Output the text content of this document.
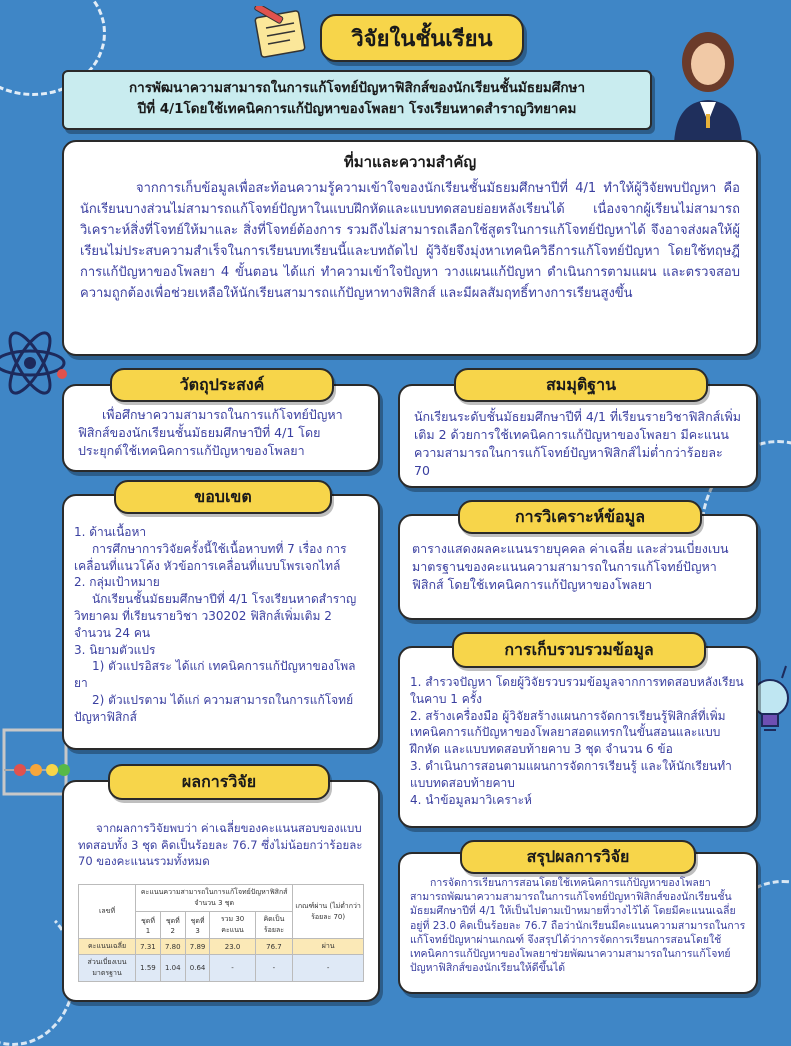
วิจัยในชั้นเรียน
การพัฒนาความสามารถในการแก้โจทย์ปัญหาฟิสิกส์ของนักเรียนชั้นมัธยมศึกษา
ปีที่ 4/1โดยใช้เทคนิคการแก้ปัญหาของโพลยา โรงเรียนหาดสำราญวิทยาคม
ที่มาและความสำคัญ
จากการเก็บข้อมูลเพื่อสะท้อนความรู้ความเข้าใจของนักเรียนชั้นมัธยมศึกษาปีที่ 4/1 ทำให้ผู้วิจัยพบปัญหา คือ นักเรียนบางส่วนไม่สามารถแก้โจทย์ปัญหาในแบบฝึกหัดและแบบทดสอบย่อยหลังเรียนได้ เนื่องจากผู้เรียนไม่สามารถวิเคราะห์สิ่งที่โจทย์ให้มาและ สิ่งที่โจทย์ต้องการ รวมถึงไม่สามารถเลือกใช้สูตรในการแก้โจทย์ปัญหาได้ จึงอาจส่งผลให้ผู้เรียนไม่ประสบความสำเร็จในการเรียนบทเรียนนี้และบทถัดไป ผู้วิจัยจึงมุ่งหาเทคนิควิธีการแก้โจทย์ปัญหา โดยใช้ทฤษฎีการแก้ปัญหาของโพลยา 4 ขั้นตอน ได้แก่ ทำความเข้าใจปัญหา วางแผนแก้ปัญหา ดำเนินการตามแผน และตรวจสอบความถูกต้องเพื่อช่วยเหลือให้นักเรียนสามารถแก้ปัญหาทางฟิสิกส์ และมีผลสัมฤทธิ์ทางการเรียนสูงขึ้น
เพื่อศึกษาความสามารถในการแก้โจทย์ปัญหาฟิสิกส์ของนักเรียนชั้นมัธยมศึกษาปีที่ 4/1 โดยประยุกต์ใช้เทคนิคการแก้ปัญหาของโพลยา
วัตถุประสงค์
นักเรียนระดับชั้นมัธยมศึกษาปีที่ 4/1 ที่เรียนรายวิชาฟิสิกส์เพิ่มเติม 2 ด้วยการใช้เทคนิคการแก้ปัญหาของโพลยา มีคะแนนความสามารถในการแก้โจทย์ปัญหาฟิสิกส์ไม่ต่ำกว่าร้อยละ 70
สมมุติฐาน
1. ด้านเนื้อหา
การศึกษาการวิจัยครั้งนี้ใช้เนื้อหาบทที่ 7 เรื่อง การเคลื่อนที่แนวโค้ง หัวข้อการเคลื่อนที่แบบโพรเจกไทล์
2. กลุ่มเป้าหมาย
นักเรียนชั้นมัธยมศึกษาปีที่ 4/1 โรงเรียนหาดสำราญวิทยาคม ที่เรียนรายวิชา ว30202 ฟิสิกส์เพิ่มเติม 2 จำนวน 24 คน
3. นิยามตัวแปร
1) ตัวแปรอิสระ ได้แก่ เทคนิคการแก้ปัญหาของโพลยา
2) ตัวแปรตาม ได้แก่ ความสามารถในการแก้โจทย์ปัญหาฟิสิกส์
ขอบเขต
ตารางแสดงผลคะแนนรายบุคคล ค่าเฉลี่ย และส่วนเบี่ยงเบนมาตรฐานของคะแนนความสามารถในการแก้โจทย์ปัญหาฟิสิกส์ โดยใช้เทคนิคการแก้ปัญหาของโพลยา
การวิเคราะห์ข้อมูล
1. สำรวจปัญหา โดยผู้วิจัยรวบรวมข้อมูลจากการทดสอบหลังเรียนในคาบ 1 ครั้ง
2. สร้างเครื่องมือ ผู้วิจัยสร้างแผนการจัดการเรียนรู้ฟิสิกส์ที่เพิ่มเทคนิคการแก้ปัญหาของโพลยาสอดแทรกในขั้นสอนและแบบฝึกหัด และแบบทดสอบท้ายคาบ 3 ชุด จำนวน 6 ข้อ
3. ดำเนินการสอนตามแผนการจัดการเรียนรู้ และให้นักเรียนทำแบบทดสอบท้ายคาบ
4. นำข้อมูลมาวิเคราะห์
การเก็บรวบรวมข้อมูล
จากผลการวิจัยพบว่า ค่าเฉลี่ยของคะแนนสอบของแบบทดสอบทั้ง 3 ชุด คิดเป็นร้อยละ 76.7 ซึ่งไม่น้อยกว่าร้อยละ 70 ของคะแนนรวมทั้งหมด
ผลการวิจัย
เลขที่	คะแนนความสามารถในการแก้โจทย์ปัญหาฟิสิกส์จำนวน 3 ชุด					เกณฑ์ผ่าน (ไม่ต่ำกว่าร้อยละ 70)
	ชุดที่ 1	ชุดที่ 2	ชุดที่ 3	รวม 30 คะแนน	คิดเป็นร้อยละ	
คะแนนเฉลี่ย	7.31	7.80	7.89	23.0	76.7	ผ่าน
ส่วนเบี่ยงเบนมาตรฐาน	1.59	1.04	0.64	-	-	-
การจัดการเรียนการสอนโดยใช้เทคนิคการแก้ปัญหาของโพลยาสามารถพัฒนาความสามารถในการแก้โจทย์ปัญหาฟิสิกส์ของนักเรียนชั้นมัธยมศึกษาปีที่ 4/1 ให้เป็นไปตามเป้าหมายที่วางไว้ได้ โดยมีคะแนนเฉลี่ยอยู่ที่ 23.0 คิดเป็นร้อยละ 76.7 ถือว่านักเรียนมีคะแนนความสามารถในการแก้โจทย์ปัญหาผ่านเกณฑ์ จึงสรุปได้ว่าการจัดการเรียนการสอนโดยใช้เทคนิคการแก้ปัญหาของโพลยาช่วยพัฒนาความสามารถในการแก้โจทย์ปัญหาฟิสิกส์ของนักเรียนให้ดีขึ้นได้
สรุปผลการวิจัย
